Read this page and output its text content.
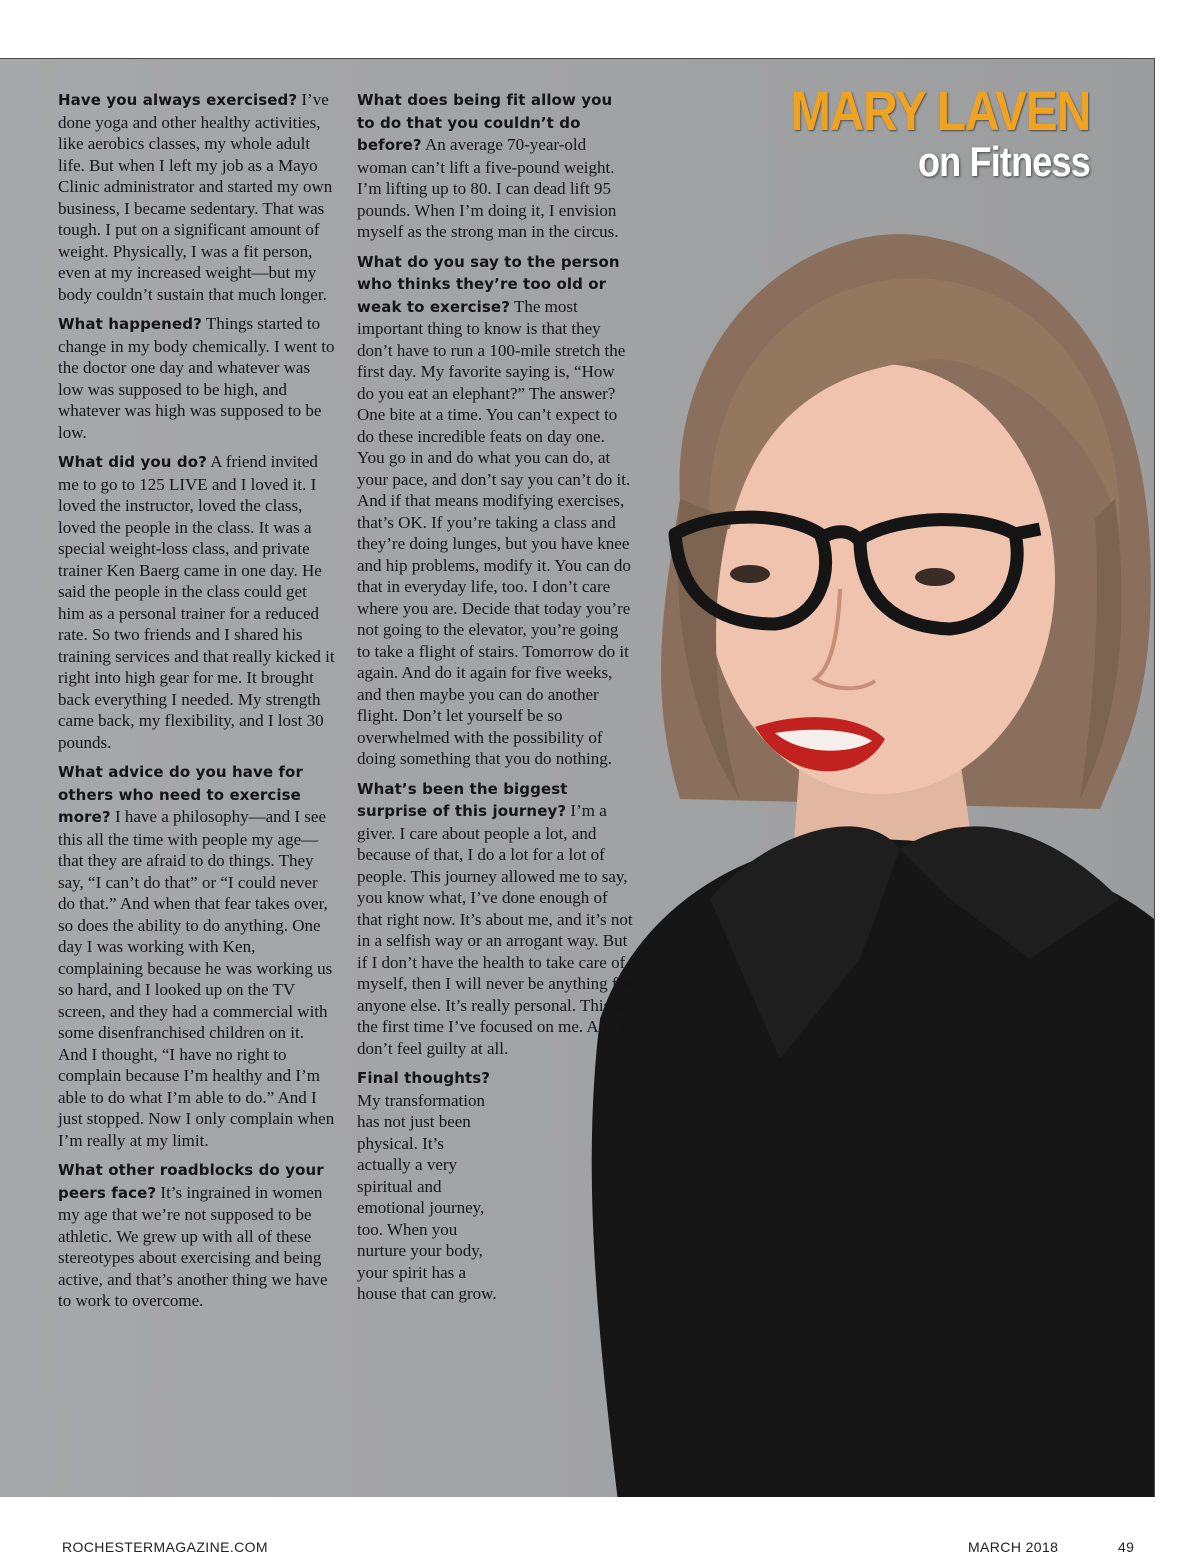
MARY LAVEN
on Fitness

Have you always exercised? I’ve done yoga and other healthy activities, like aerobics classes, my whole adult life. But when I left my job as a Mayo Clinic administrator and started my own business, I became sedentary. That was tough. I put on a significant amount of weight. Physically, I was a fit person, even at my increased weight—but my body couldn’t sustain that much longer.

What happened? Things started to change in my body chemically. I went to the doctor one day and whatever was low was supposed to be high, and whatever was high was supposed to be low.

What did you do? A friend invited me to go to 125 LIVE and I loved it. I loved the instructor, loved the class, loved the people in the class. It was a special weight-loss class, and private trainer Ken Baerg came in one day. He said the people in the class could get him as a personal trainer for a reduced rate. So two friends and I shared his training services and that really kicked it right into high gear for me. It brought back everything I needed. My strength came back, my flexibility, and I lost 30 pounds.

What advice do you have for others who need to exercise more? I have a philosophy—and I see this all the time with people my age—that they are afraid to do things. They say, “I can’t do that” or “I could never do that.” And when that fear takes over, so does the ability to do anything. One day I was working with Ken, complaining because he was working us so hard, and I looked up on the TV screen, and they had a commercial with some disenfranchised children on it. And I thought, “I have no right to complain because I’m healthy and I’m able to do what I’m able to do.” And I just stopped. Now I only complain when I’m really at my limit.

What other roadblocks do your peers face? It’s ingrained in women my age that we’re not supposed to be athletic. We grew up with all of these stereotypes about exercising and being active, and that’s another thing we have to work to overcome.

What does being fit allow you to do that you couldn’t do before? An average 70-year-old woman can’t lift a five-pound weight. I’m lifting up to 80. I can dead lift 95 pounds. When I’m doing it, I envision myself as the strong man in the circus.

What do you say to the person who thinks they’re too old or weak to exercise? The most important thing to know is that they don’t have to run a 100-mile stretch the first day. My favorite saying is, “How do you eat an elephant?” The answer? One bite at a time. You can’t expect to do these incredible feats on day one. You go in and do what you can do, at your pace, and don’t say you can’t do it. And if that means modifying exercises, that’s OK. If you’re taking a class and they’re doing lunges, but you have knee and hip problems, modify it. You can do that in everyday life, too. I don’t care where you are. Decide that today you’re not going to the elevator, you’re going to take a flight of stairs. Tomorrow do it again. And do it again for five weeks, and then maybe you can do another flight. Don’t let yourself be so overwhelmed with the possibility of doing something that you do nothing.

What’s been the biggest surprise of this journey? I’m a giver. I care about people a lot, and because of that, I do a lot for a lot of people. This journey allowed me to say, you know what, I’ve done enough of that right now. It’s about me, and it’s not in a selfish way or an arrogant way. But if I don’t have the health to take care of myself, then I will never be anything for anyone else. It’s really personal. This is the first time I’ve focused on me. And I don’t feel guilty at all.

Final thoughts? My transformation has not just been physical. It’s actually a very spiritual and emotional journey, too. When you nurture your body, your spirit has a house that can grow.

ROCHESTERMAGAZINE.COM	MARCH 2018	49
